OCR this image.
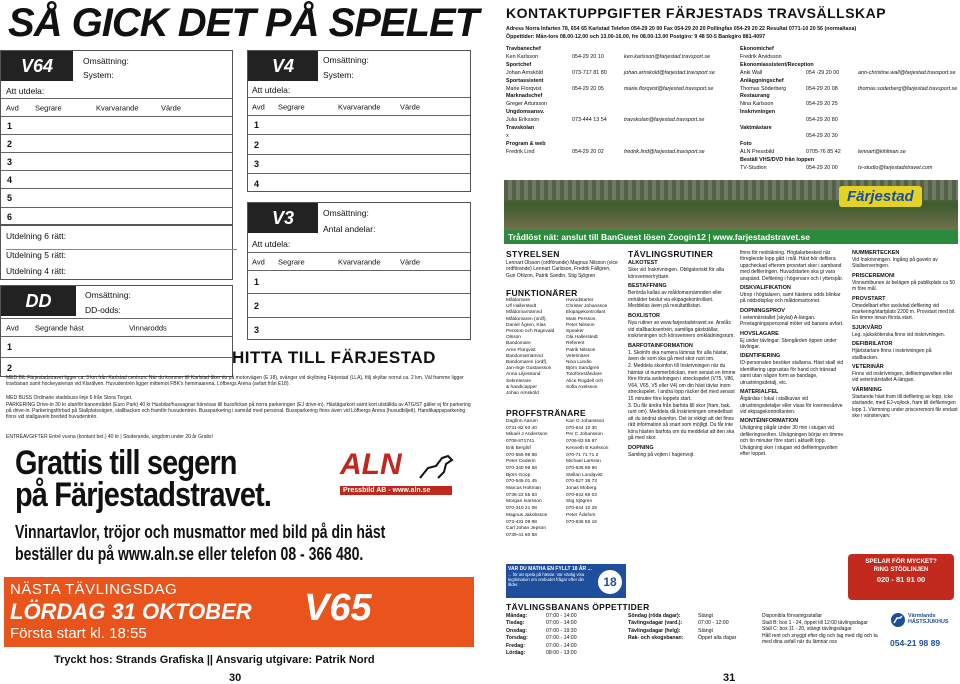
SÅ GICK DET PÅ SPELET
V64	Omsättning:
System:
Att utdela:
Avd Segrare	Kvarvarande	Värde
1
2
3
4
5
6
Utdelning 6 rätt:
Utdelning 5 rätt:
Utdelning 4 rätt:
DD	Omsättning:
DD-odds:
Avd Segrande häst	Vinnarodds
1
2
V4	Omsättning:
System:
Att utdela:
Avd Segrare	Kvarvarande	Värde
1
2
3
4
V3	Omsättning:
Antal andelar:
Att utdela:
Avd Segrare	Kvarvarande	Värde
1
2
3
HITTA TILL FÄRJESTAD
MED BIL Färjestadstravet ligger ca. 3 km från Karlstad centrum. När du kommer till Karlstad åker du på motorvägen (E 18), svänger vid skyltning Färjestad (LLA), följ skyltar norrut ca. 2 km. Väl framme ligger travbanan samt hockeyarenan vid Klarälven. Huvudentrén ligger mittemot FBK's hemmaarena, Löfbergs Arena (avfart från E18).
MED BUSS Ordinarie stadsbuss linje 6 från Stora Torget.
PARKERING Drive-in 30 kr utanför banområdet (Euro Park) 40 kr Husbilar/husvagnar hänvisas till bussfickan på norra parkeringen (EJ drive-in). Hästägarkort samt kort utställda av ATG/ST gäller ej för parkering på drive-in. Parkeringsförbud på Stallplatsvägen, stallbacken och framför huvudentrén. Bussparkering i samråd med personal. Bussparkering finns även vid Löfbergs Arena (huvudbiljett). Handikappsparkering finns vid stallgaveln bredvid huvudentrén.
ENTRÉAVGIFTER Entré vuxna (kontant bet.) 40 kr | Studerande, ungdom under 20 år Gratis!
Grattis till segern
på Färjestadstravet.
ALN
Pressbild AB - www.aln.se
Vinnartavlor, tröjor och musmattor med bild på din häst
beställer du på www.aln.se eller telefon 08 - 366 480.
NÄSTA TÄVLINGSDAG
LÖRDAG 31 OKTOBER
Första start kl. 18:55
V65
Tryckt hos: Strands Grafiska || Ansvarig utgivare: Patrik Nord
30
KONTAKTUPPGIFTER FÄRJESTADS TRAVSÄLLSKAP
Adress Norra Infarten 78, 654 65 Karlstad Telefon 054-29 20 00 Fax 054-29 20 20 Pollingfax 054-29 20 22 Resultat 0771-10 20 56 (normaltaxa)
Öppettider: Mån-tors 08.00-12.00 och 13.00-16.00, fre 08.00-13.00 Postgiro: 9 48 50-5 Bankgiro 881-4097
Travbanechef
Ken Karlsson	054-29 20 10	ken.karlsson@farjestad.travsport.se
Sportchef
Johan Arnsköld	073-717 81 80	johan.arnskold@farjestad.travsport.se
Sportassistent
Marie Florqvist	054-29 20 05	marie.florqvist@farjestad.travsport.se
Marknadschef
Greger Artursson
Ungdomsansv.
Julia Eriksson	073-444 13 54	travskolan@farjestad.travsport.se
Travskolan
x
Program & web
Fredrik Lind	054-29 20 02	fredrik.lind@farjestad.travsport.se
Ekonomichef
Fredrik Arvidsson
Ekonomiassistent/Reception
Anki Wall	054 -29 20 00	ann-christine.wall@farjestad.travsport.se
Anläggningschef
Thomas Söderberg	054-29 20 08	thomas.soderberg@farjestad.travsport.se
Restaurang
Nina Karlsson	054-29 20 25
Inskrivningen
054-29 20 80
Vaktmästare
054-29 20 30
Foto
ALN Pressbild	0705-76 85 42	lennart@kihlman.se
Beställ VHS/DVD från loppen
TV-Studion	054-29 20 00	tv-studio@farjestadstravet.com
Färjestad
Trådlöst nät: anslut till BanGuest lösen Zoogin12 | www.farjestadstravet.se
STYRELSEN
Lennart Olsson (ordförande) Magnus Nilsson (vice ordförande) Lennart Carlsson, Fredrik Fällgren, Gun Ohlzon, Patrik Sandin, Stig Sjögren
FUNKTIONÄRER
Måldomare
Ulf Hallerstedt
Måldomarnämnd
Måldomaren (ordf),
Daniel Ågren, Klas
Persson och Ragnvald
Olsson
Bandomare
Arne Florqvist
Bandomarnämnd
Bandomaren (ordf),
Jan-Inge Gustavsson
Anna Liljestrand
Sekreterare
& handicapper
Johan Arnsköld
Huvudstarter
Christer Johansson
Ekipagekontrollant
Mats Persson,
Peter Nilsson
Speaker
Ola Hallerstedt
Referent
Patrik Nilsson
Veterinärer
Nina Lundin
Björn Sandgren
Totoföreståndare
Alice Rogdell och
Sofia Axelsson
PROFFSTRÄNARE
Dagfinn Aarum
0731-82 63 40
Mikael J Andersson
0708-871741
Erik Berglöf
070-555 98 88
Peter Cederin
070-340 99 58
Björn Goop
070-545 01 45
Marcus Holtman
0736-22 55 83
Morgan Ivarsson
070-310 21 08
Magnus Jakobsson
073-431 09 98
Carl Johan Jepson
0739-41 60 58
Kari O Johansson
070-644 10 30
Per C Johansson
0706-83 55 97
Kenneth B Karlsson
070-71 71 71 2
Michael Larsson
070-635 86 90
Stellan Lundqvist
070-527 38 73
Jonas Moberg
070-642 88 03
Stig Sjögren
070-644 10 29
Peter Ådefors
070-636 65 16
VAR DU MATHA EN FYLLT 18 ÅR ...
... för att spela på hästar. Var vänlig visa legitimation om ombudet frågar efter din ålder.	18
TÄVLINGSRUTINER
ALKOTEST
Sker vid Inskrivningen. Obligatoriskt för alla körsvenner/ryttare.
BESTAFFNING
Berörda kallas av måldomarnämnden eller enhälder beslut via ekipagekontrollant. Meddelas även på resultattlistan.
BOXLISTOR
Nya rutiner se www.farjestadstravet.se. Anslås vid stallbacksentrén, samtliga gästställar, inskrivningen och körsvenners omklädningsrum.
BARFOTAINFORMATION
1. Skoinfo ska numera lämnas för alla hästar, även de som ska gå med skor runt om.
2. Meddela skoinfon till Inskrivningen när du hämtar ut nummerbrickan, men senast en timme före första avdelningen i streckspelet (V75, V86, V64, V65, V5 eller V4) om din häst tävlar inom streckspelet. I andra lopp räcker det med senast 15 minuter före loppets start.
3. Du får ändra från barfota till skor (fram, bak, runt om). Meddela då Inskrivningen omedelbart att du ändrat skoinfon. Det är viktigt att det finns rätt information så snart som möjligt. Du får inte köra hästen barfota om du meddelat att den ska gå med skor.
DOPNING
Samling på vojten i hagenvojt.
finns för nedräkning. Högtalarbesked när föreglende lopp gått i mål. Häst bör defilera uppcheckad efterom provstart sker i samband med defileringen. Huvudstarten ska gi vara anspänd. Defilering i högervarv och i ytterspår.
DISKVALIFIKATION
Utrop i högtalaren, samt hästens odds blinkar på oddsdisplay och måldomartornet.
DOPNINGSPROV
I veterinärstallet (skylat) A-längan. Provtagningspersonal möter vid banans avfart.
HOVSLAGARE
Ej under tävlingar. Stengården öppen under tävlingar.
IDENTIFIERING
ID-personalen besöker stallarna. Häst skall vid identifiering upprustas för hand och tränsad samt utan någon form av bandage, utrustningsdetalj, etc.
MATERIALFEL
Åtgärdas i lokal i stallkuvan vid utrustningsdetaljer eller visas för kvennesårive vid ekipagekontrollanten.
MONTÉINFORMATION
Utvägning pågår under 30 min i stugan vid defileringsvolten. Utvägningen börjar en timme och tio minuter före start i aktuellt lopp. Utvägning sker i stugan vid defileringsvolten efter loppet.
NUMMERTECKEN
Vid Inskrivningen. Ingång på gaveln av Stallserveringen.
PRISCEREMONI
Vinnartribunen är belägen på publikplats ca 50 m före mål.
PROVSTART
Omedelbart efter avslutad defilering vid markering/startplats 2200 m. Provstart med bil. En timme innan första start.
SJUKVÅRD
Leg. sjuksköterska finns vid inskrivningen.
DEFIBRILATOR
Hjärtstartare finns i inskrivningen på stallbacken.
VETERINÄR
Finns vid inskrivningen, defileringsvolten eller vid veterinärstallet A-längan.
VÄRMNING
Startande häst fram till defilering av lopp, icke startande, med EJ-vojlock, fram till defileringen lopp 1. Värmning under prisceremoni får endast ske i vänstervarv.
SPELAR FÖR MYCKET?
RING STÖDLINJEN
020 - 81 91 00
TÄVLINGSBANANS ÖPPETTIDER
Måndag:	07:00 - 14:00
Tisdag:	07:00 - 14:00
Onsdag:	07:00 - 19:30
Torsdag:	07:00 - 14:00
Fredag:	07:00 - 14:00
Lördag:	08:00 - 13:00
Söndag (röda dagar):	Stängt
Tävlingsdagar (vard.):	07:00 - 12:00
Tävlingsdagar (helg):	Stängt
Rak- och skogsbanan:	Öppet alla dagar
Disponibla förvaringsstallar
Stall B: box 1 - 24, öppet till 12:00 tävlingsdagar
Stall C: box 11 - 20, stängt tävlingsdagar
Håll rent och snyggt efter dig och tag med dig och ta med dina avfall när du lämnar oss
Värmlands HÄSTSJUKHUS
054-21 98 89
31
